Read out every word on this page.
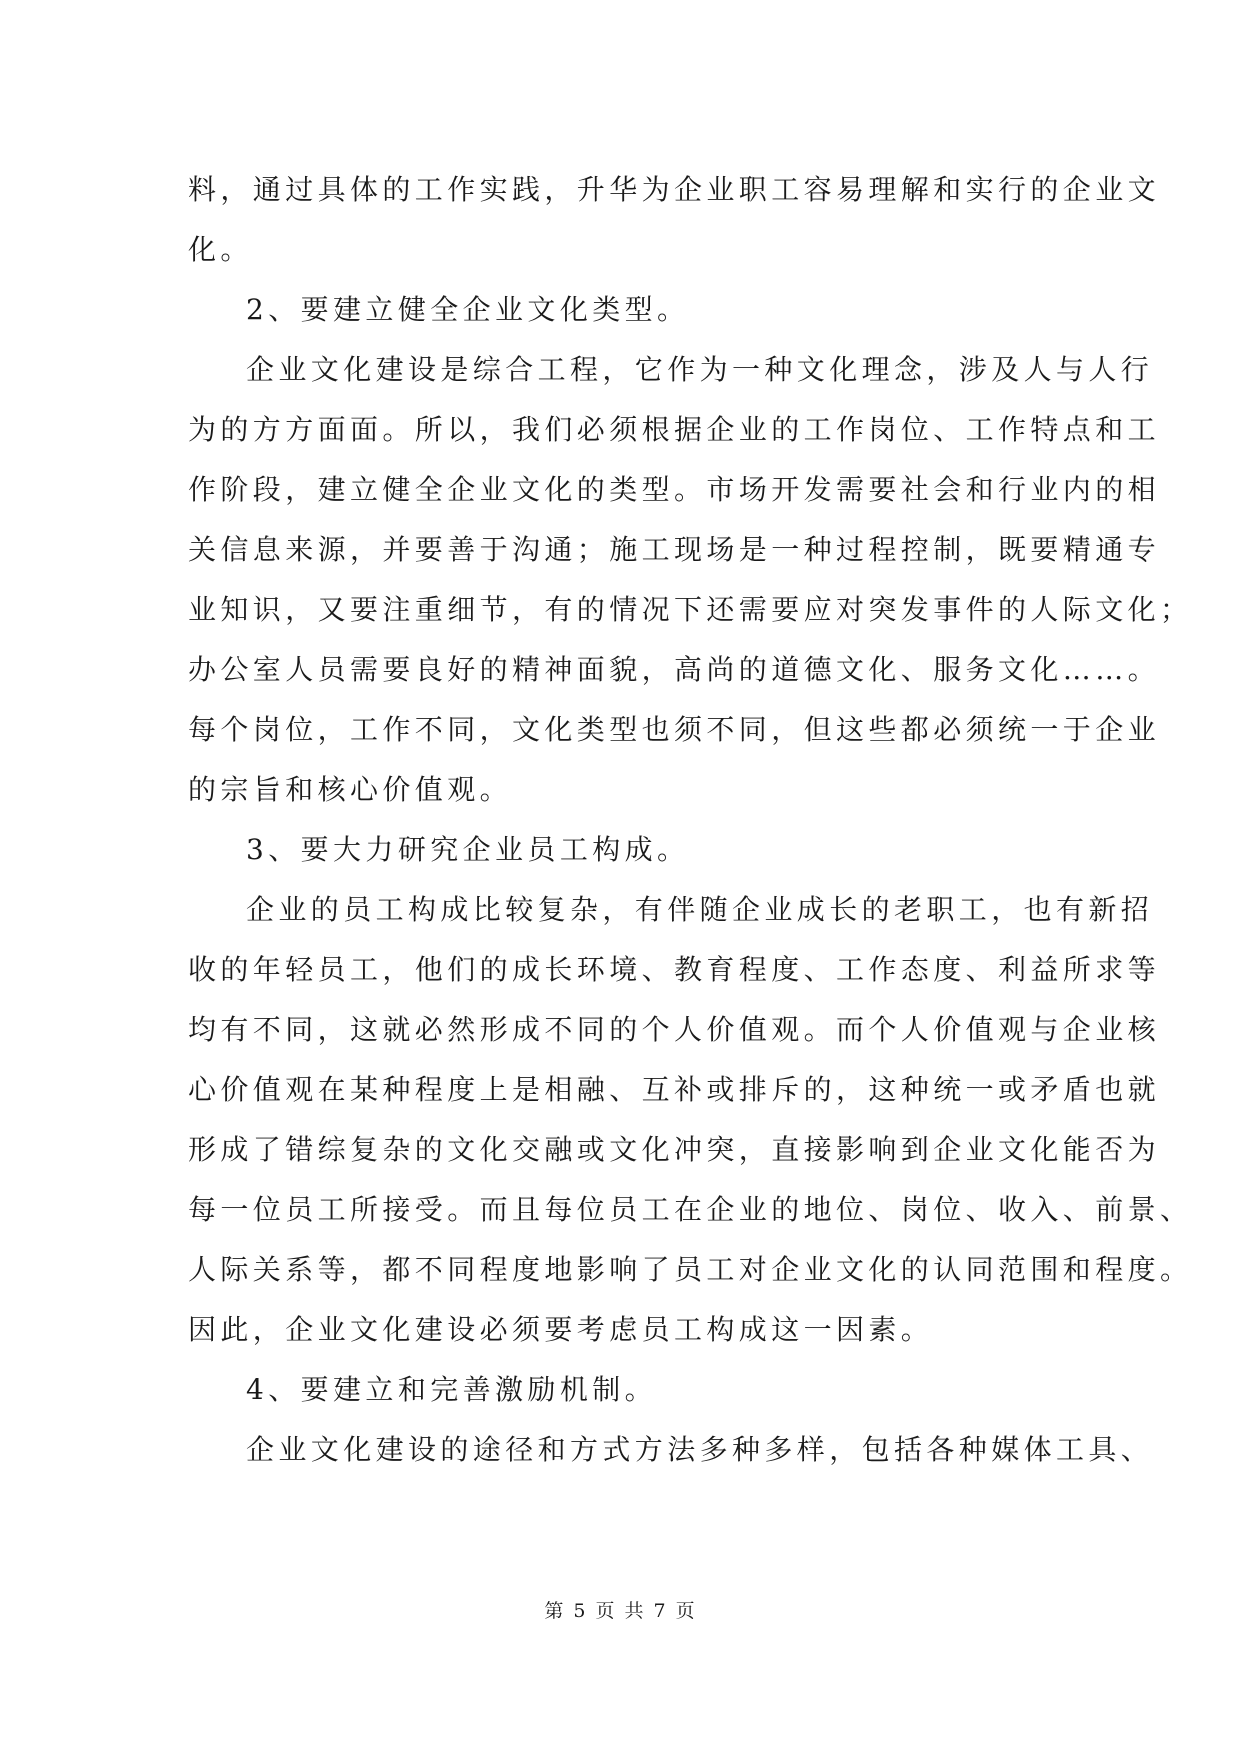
料，通过具体的工作实践，升华为企业职工容易理解和实行的企业文
化。
2、要建立健全企业文化类型。
企业文化建设是综合工程，它作为一种文化理念，涉及人与人行
为的方方面面。所以，我们必须根据企业的工作岗位、工作特点和工
作阶段，建立健全企业文化的类型。市场开发需要社会和行业内的相
关信息来源，并要善于沟通；施工现场是一种过程控制，既要精通专
业知识，又要注重细节，有的情况下还需要应对突发事件的人际文化；
办公室人员需要良好的精神面貌，高尚的道德文化、服务文化……。
每个岗位，工作不同，文化类型也须不同，但这些都必须统一于企业
的宗旨和核心价值观。
3、要大力研究企业员工构成。
企业的员工构成比较复杂，有伴随企业成长的老职工，也有新招
收的年轻员工，他们的成长环境、教育程度、工作态度、利益所求等
均有不同，这就必然形成不同的个人价值观。而个人价值观与企业核
心价值观在某种程度上是相融、互补或排斥的，这种统一或矛盾也就
形成了错综复杂的文化交融或文化冲突，直接影响到企业文化能否为
每一位员工所接受。而且每位员工在企业的地位、岗位、收入、前景、
人际关系等，都不同程度地影响了员工对企业文化的认同范围和程度。
因此，企业文化建设必须要考虑员工构成这一因素。
4、要建立和完善激励机制。
企业文化建设的途径和方式方法多种多样，包括各种媒体工具、
第 5 页 共 7 页
